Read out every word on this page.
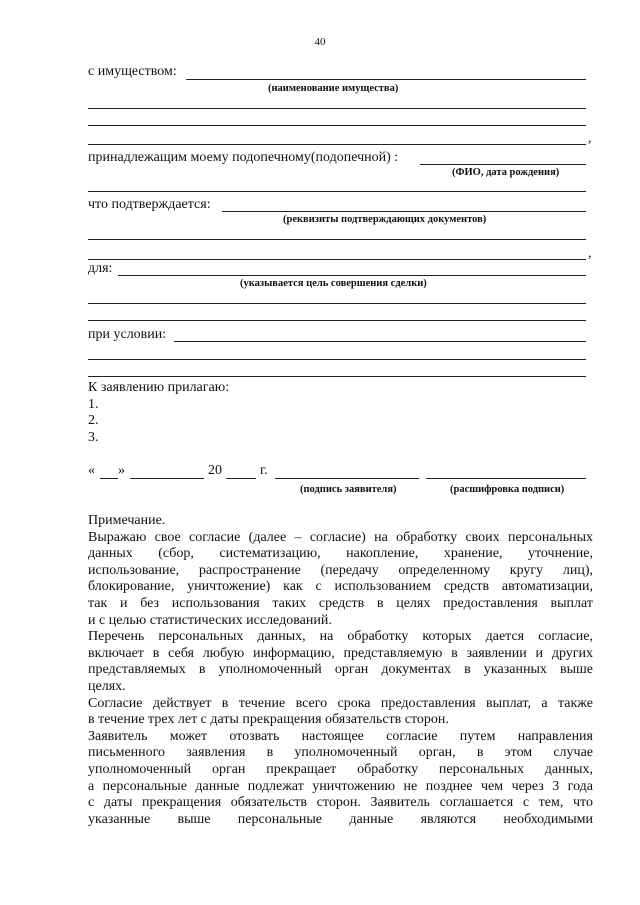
40
с имуществом:
(наименование имущества)
,
принадлежащим моему подопечному(подопечной) :
(ФИО, дата рождения)
что подтверждается:
(реквизиты подтверждающих документов)
,
для:
(указывается цель совершения сделки)
при условии:
К заявлению прилагаю:
1.
2.
3.
« »	20	г.
(подпись заявителя)	(расшифровка подписи)
Примечание.
Выражаю свое согласие (далее – согласие) на обработку своих персональных
данных (сбор, систематизацию, накопление, хранение, уточнение,
использование, распространение (передачу определенному кругу лиц),
блокирование, уничтожение) как с использованием средств автоматизации,
так и без использования таких средств в целях предоставления выплат
и с целью статистических исследований.
Перечень персональных данных, на обработку которых дается согласие,
включает в себя любую информацию, представляемую в заявлении и других
представляемых в уполномоченный орган документах в указанных выше
целях.
Согласие действует в течение всего срока предоставления выплат, а также
в течение трех лет с даты прекращения обязательств сторон.
Заявитель может отозвать настоящее согласие путем направления
письменного заявления в уполномоченный орган, в этом случае
уполномоченный орган прекращает обработку персональных данных,
а персональные данные подлежат уничтожению не позднее чем через 3 года
с даты прекращения обязательств сторон. Заявитель соглашается с тем, что
указанные выше персональные данные являются необходимыми
